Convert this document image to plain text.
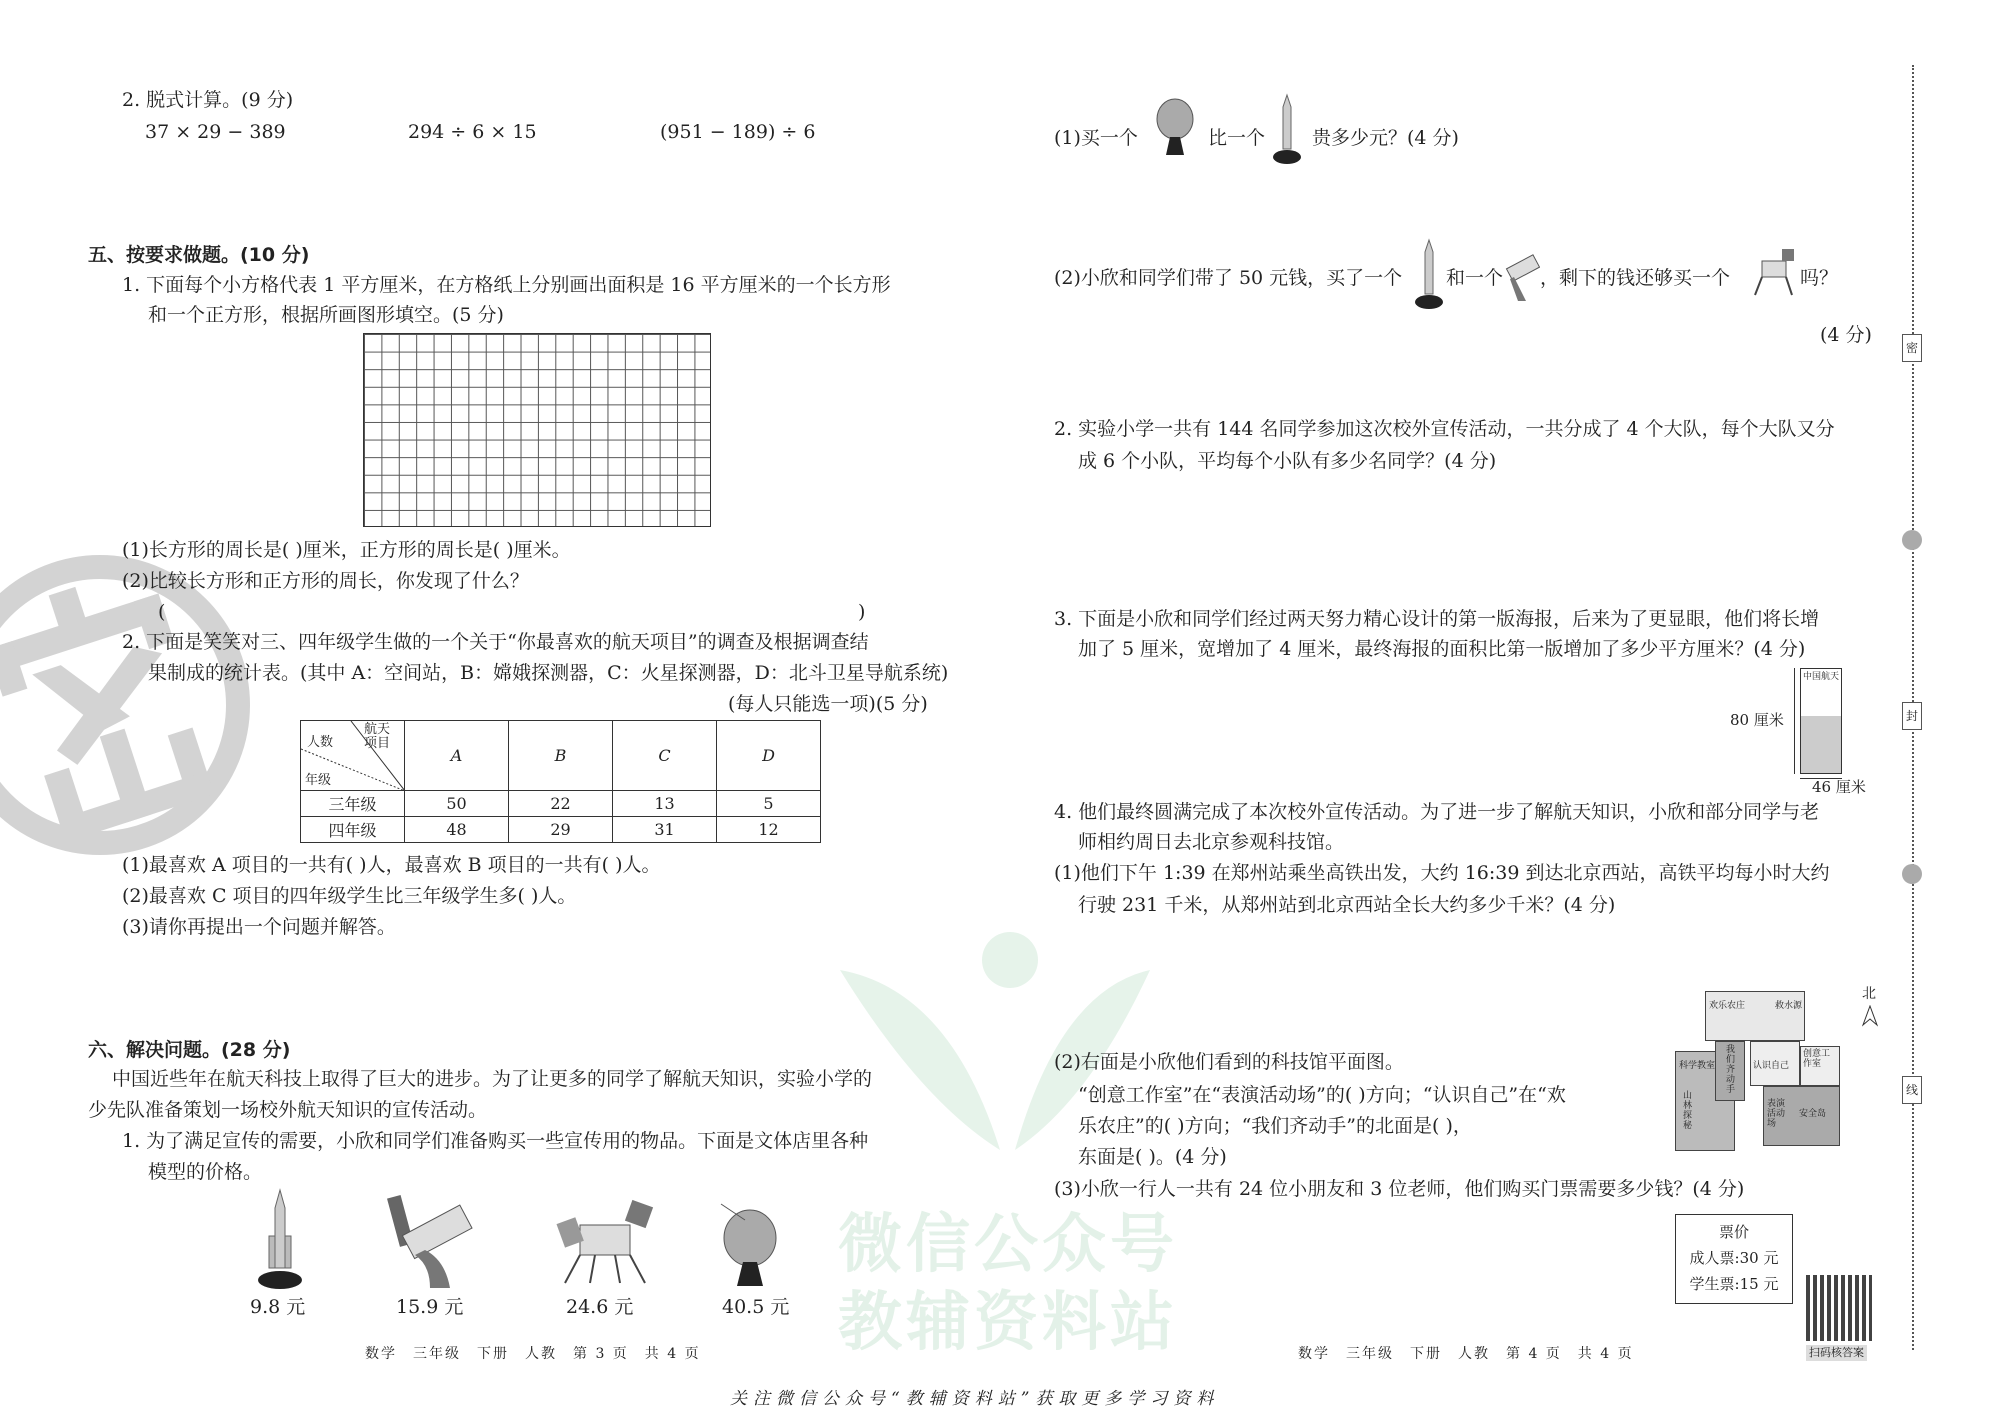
微信公众号
教辅资料站
2. 脱式计算。(9 分)
37 × 29 − 389	294 ÷ 6 × 15	(951 − 189) ÷ 6
五、按要求做题。(10 分)
1. 下面每个小方格代表 1 平方厘米，在方格纸上分别画出面积是 16 平方厘米的一个长方形
和一个正方形，根据所画图形填空。(5 分)
(1)长方形的周长是( )厘米，正方形的周长是( )厘米。
(2)比较长方形和正方形的周长，你发现了什么？
(	)
2. 下面是笑笑对三、四年级学生做的一个关于“你最喜欢的航天项目”的调查及根据调查结
果制成的统计表。(其中 A：空间站，B：嫦娥探测器，C：火星探测器，D：北斗卫星导航系统)
(每人只能选一项)(5 分)
航天项目
人数
年级	A	B	C	D
三年级	50	22	13	5
四年级	48	29	31	12
(1)最喜欢 A 项目的一共有( )人，最喜欢 B 项目的一共有( )人。
(2)最喜欢 C 项目的四年级学生比三年级学生多( )人。
(3)请你再提出一个问题并解答。
六、解决问题。(28 分)
中国近些年在航天科技上取得了巨大的进步。为了让更多的同学了解航天知识，实验小学的
少先队准备策划一场校外航天知识的宣传活动。
1. 为了满足宣传的需要，小欣和同学们准备购买一些宣传用的物品。下面是文体店里各种
模型的价格。
9.8 元	15.9 元	24.6 元	40.5 元
数学　三年级　下册　人教　第 3 页　共 4 页
(1)买一个	比一个 贵多少元？(4 分)
(2)小欣和同学们带了 50 元钱，买了一个 和一个 ，剩下的钱还够买一个	吗？
(4 分)
2. 实验小学一共有 144 名同学参加这次校外宣传活动，一共分成了 4 个大队，每个大队又分
成 6 个小队，平均每个小队有多少名同学？(4 分)
3. 下面是小欣和同学们经过两天努力精心设计的第一版海报，后来为了更显眼，他们将长增
加了 5 厘米，宽增加了 4 厘米，最终海报的面积比第一版增加了多少平方厘米？(4 分)
80 厘米
中国航天
46 厘米
4. 他们最终圆满完成了本次校外宣传活动。为了进一步了解航天知识，小欣和部分同学与老
师相约周日去北京参观科技馆。
(1)他们下午 1:39 在郑州站乘坐高铁出发，大约 16:39 到达北京西站，高铁平均每小时大约
行驶 231 千米，从郑州站到北京西站全长大约多少千米？(4 分)
欢乐农庄	救水源
我们齐动手
认识自己
创意工作室
科学教室
表演活动场
安全岛
山林探秘
北
(2)右面是小欣他们看到的科技馆平面图。
“创意工作室”在“表演活动场”的( )方向；“认识自己”在“欢
乐农庄”的( )方向；“我们齐动手”的北面是( )，
东面是( )。(4 分)
(3)小欣一行人一共有 24 位小朋友和 3 位老师，他们购买门票需要多少钱？(4 分)
票价
成人票:30 元
学生票:15 元
扫码核答案
数学　三年级　下册　人教　第 4 页　共 4 页
密
封
线
关注微信公众号“教辅资料站”获取更多学习资料
